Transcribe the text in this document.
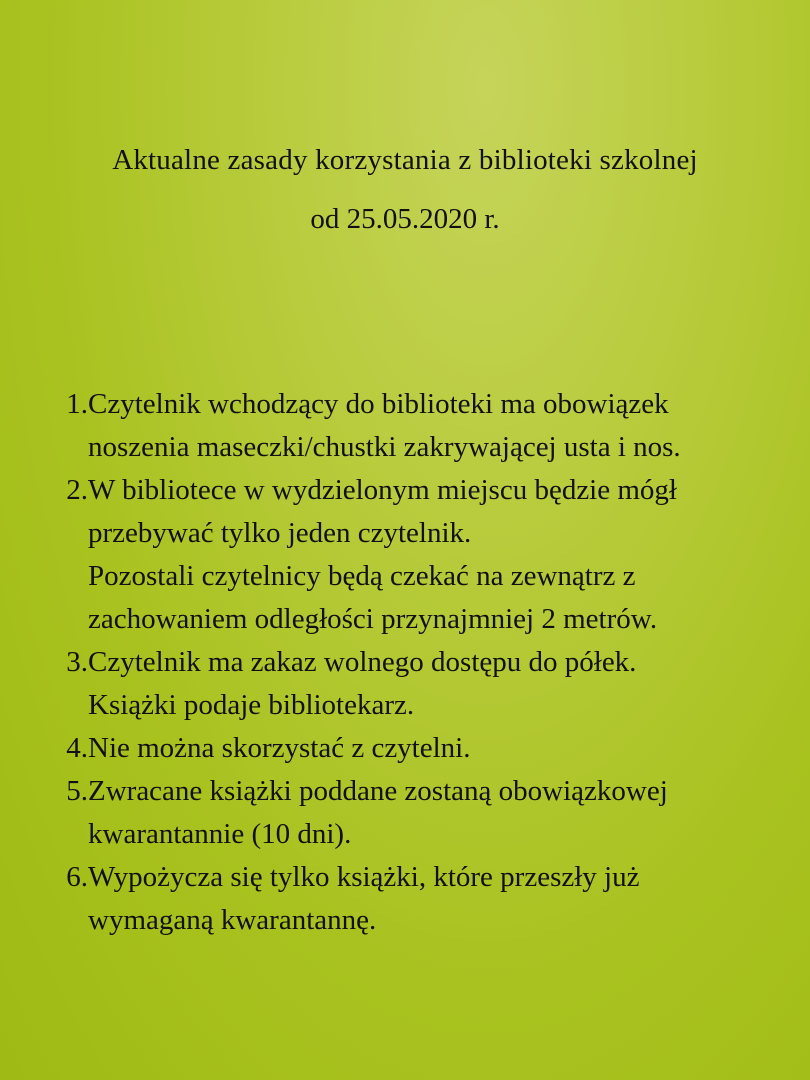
Aktualne zasady korzystania z biblioteki szkolnej
od 25.05.2020 r.
1. Czytelnik wchodzący do biblioteki ma obowiązek
noszenia maseczki/chustki zakrywającej usta i nos.
2. W bibliotece w wydzielonym miejscu będzie mógł
przebywać tylko jeden czytelnik.
Pozostali czytelnicy będą czekać na zewnątrz z
zachowaniem odległości przynajmniej 2 metrów.
3. Czytelnik ma zakaz wolnego dostępu do półek.
Książki podaje bibliotekarz.
4. Nie można skorzystać z czytelni.
5. Zwracane książki poddane zostaną obowiązkowej
kwarantannie (10 dni).
6. Wypożycza się tylko książki, które przeszły już
wymaganą kwarantannę.
